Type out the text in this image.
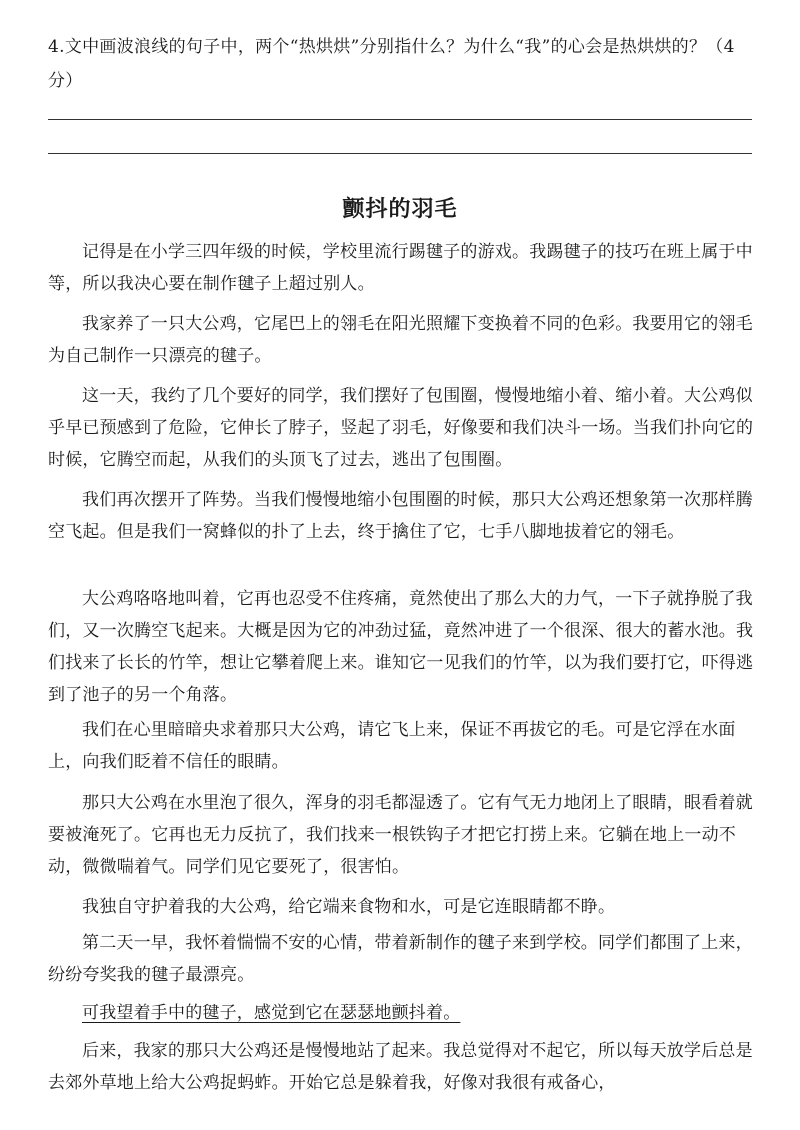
4.文中画波浪线的句子中，两个“热烘烘”分别指什么？为什么“我”的心会是热烘烘的？（4分）
颤抖的羽毛

记得是在小学三四年级的时候，学校里流行踢毽子的游戏。我踢毽子的技巧在班上属于中等，所以我决心要在制作毽子上超过别人。

我家养了一只大公鸡，它尾巴上的翎毛在阳光照耀下变换着不同的色彩。我要用它的翎毛为自己制作一只漂亮的毽子。

这一天，我约了几个要好的同学，我们摆好了包围圈，慢慢地缩小着、缩小着。大公鸡似乎早已预感到了危险，它伸长了脖子，竖起了羽毛，好像要和我们决斗一场。当我们扑向它的时候，它腾空而起，从我们的头顶飞了过去，逃出了包围圈。

我们再次摆开了阵势。当我们慢慢地缩小包围圈的时候，那只大公鸡还想象第一次那样腾空飞起。但是我们一窝蜂似的扑了上去，终于擒住了它，七手八脚地拔着它的翎毛。

大公鸡咯咯地叫着，它再也忍受不住疼痛，竟然使出了那么大的力气，一下子就挣脱了我们，又一次腾空飞起来。大概是因为它的冲劲过猛，竟然冲进了一个很深、很大的蓄水池。我们找来了长长的竹竿，想让它攀着爬上来。谁知它一见我们的竹竿，以为我们要打它，吓得逃到了池子的另一个角落。

我们在心里暗暗央求着那只大公鸡，请它飞上来，保证不再拔它的毛。可是它浮在水面上，向我们眨着不信任的眼睛。

那只大公鸡在水里泡了很久，浑身的羽毛都湿透了。它有气无力地闭上了眼睛，眼看着就要被淹死了。它再也无力反抗了，我们找来一根铁钩子才把它打捞上来。它躺在地上一动不动，微微喘着气。同学们见它要死了，很害怕。

我独自守护着我的大公鸡，给它端来食物和水，可是它连眼睛都不睁。

第二天一早，我怀着惴惴不安的心情，带着新制作的毽子来到学校。同学们都围了上来，纷纷夸奖我的毽子最漂亮。

可我望着手中的毽子，感觉到它在瑟瑟地颤抖着。

后来，我家的那只大公鸡还是慢慢地站了起来。我总觉得对不起它，所以每天放学后总是去郊外草地上给大公鸡捉蚂蚱。开始它总是躲着我，好像对我很有戒备心，
